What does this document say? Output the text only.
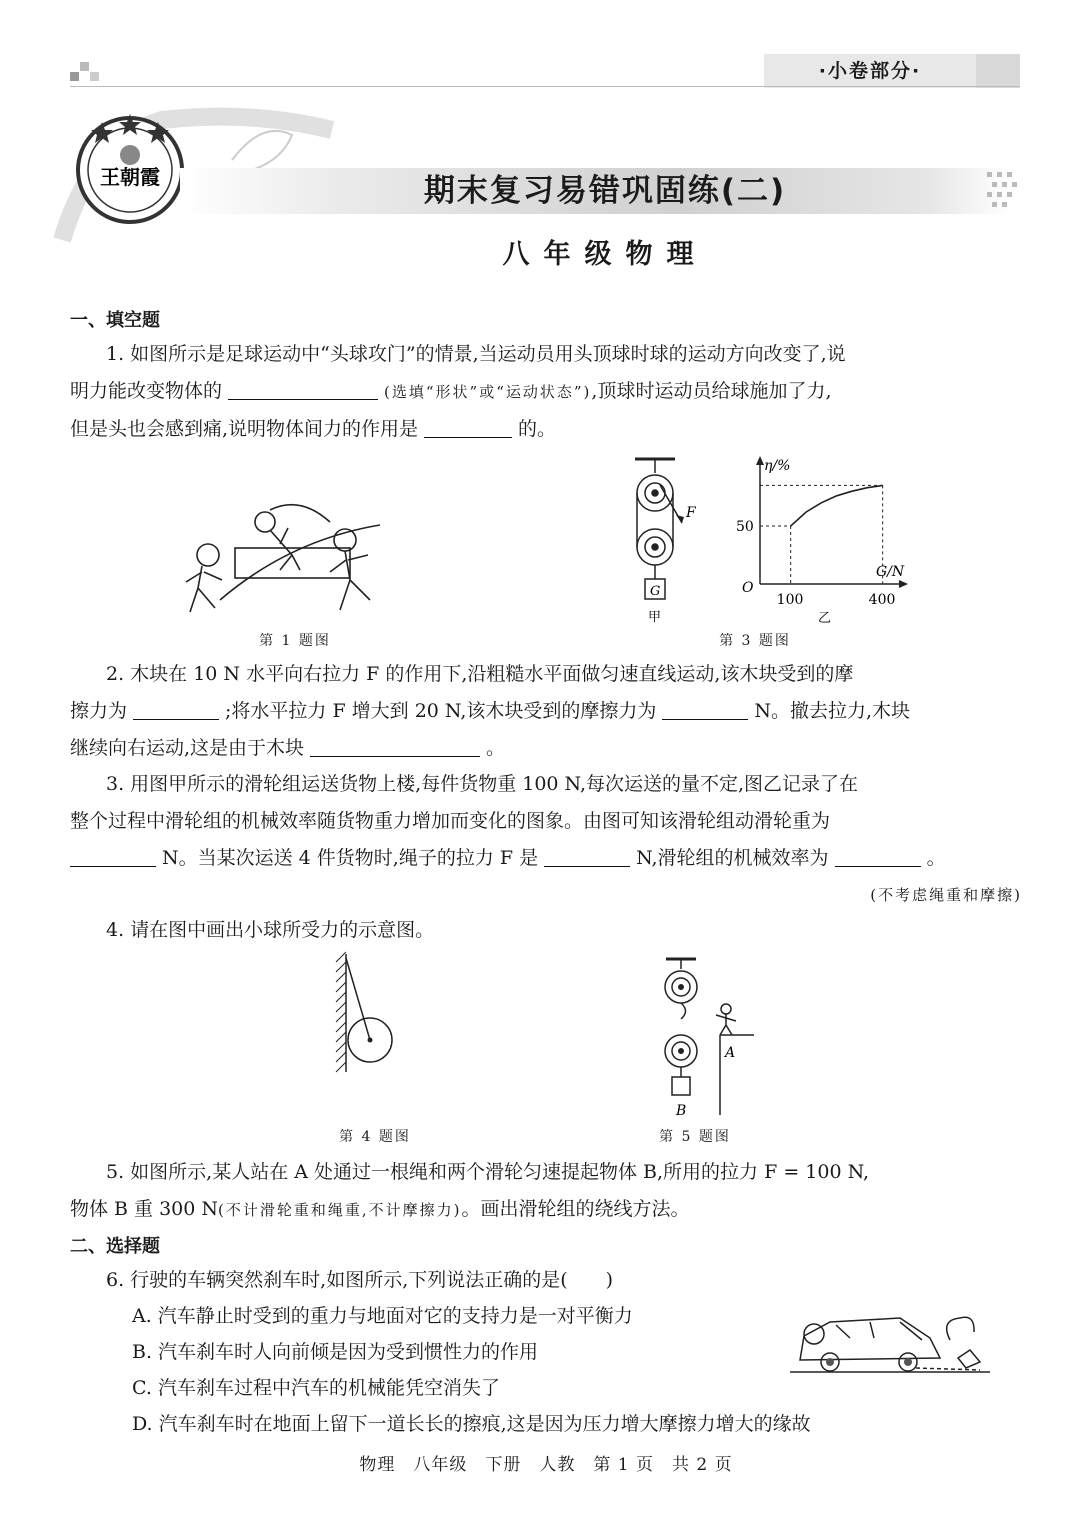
·小卷部分·
王朝霞	期末复习易错巩固练(二)
八年级物理
一、填空题
1. 如图所示是足球运动中“头球攻门”的情景,当运动员用头顶球时球的运动方向改变了,说
明力能改变物体的	(选填“形状”或“运动状态”),顶球时运动员给球施加了力,
但是头也会感到痛,说明物体间力的作用是	的。
第 1 题图
F
G
甲
η/%
G/N
O
50
100	400
乙
第 3 题图
2. 木块在 10 N 水平向右拉力 F 的作用下,沿粗糙水平面做匀速直线运动,该木块受到的摩
擦力为	;将水平拉力 F 增大到 20 N,该木块受到的摩擦力为	N。撤去拉力,木块
继续向右运动,这是由于木块	。
3. 用图甲所示的滑轮组运送货物上楼,每件货物重 100 N,每次运送的量不定,图乙记录了在
整个过程中滑轮组的机械效率随货物重力增加而变化的图象。由图可知该滑轮组动滑轮重为
N。当某次运送 4 件货物时,绳子的拉力 F 是	N,滑轮组的机械效率为	。
(不考虑绳重和摩擦)
4. 请在图中画出小球所受力的示意图。
第 4 题图
A
B
第 5 题图
5. 如图所示,某人站在 A 处通过一根绳和两个滑轮匀速提起物体 B,所用的拉力 F = 100 N,
物体 B 重 300 N(不计滑轮重和绳重,不计摩擦力)。画出滑轮组的绕线方法。
二、选择题
6. 行驶的车辆突然刹车时,如图所示,下列说法正确的是(　　)
A. 汽车静止时受到的重力与地面对它的支持力是一对平衡力
B. 汽车刹车时人向前倾是因为受到惯性力的作用
C. 汽车刹车过程中汽车的机械能凭空消失了
D. 汽车刹车时在地面上留下一道长长的擦痕,这是因为压力增大摩擦力增大的缘故
物理　八年级　下册　人教　第 1 页　共 2 页
